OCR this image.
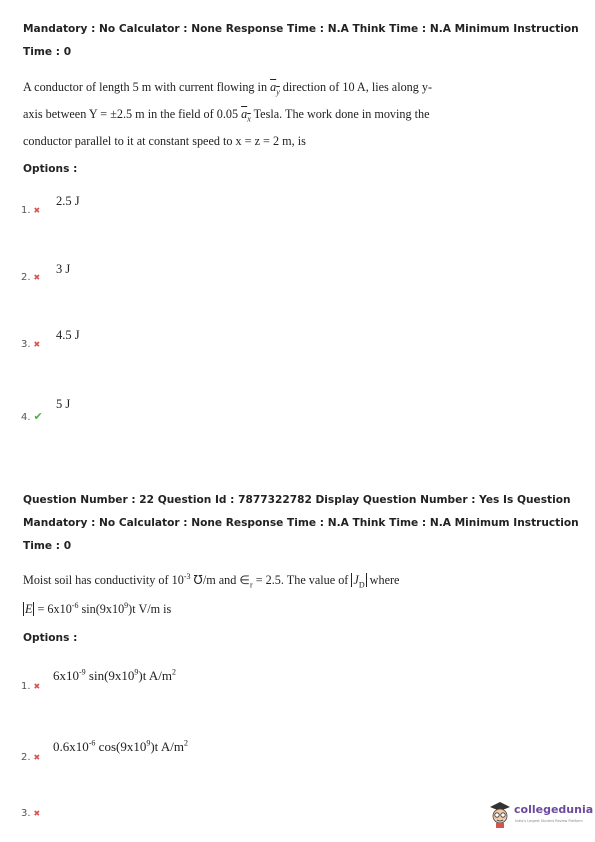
Mandatory : No Calculator : None Response Time : N.A Think Time : N.A Minimum Instruction
Time : 0
A conductor of length 5 m with current flowing in $a_y$ direction of 10 A, lies along y-
axis between Y = ±2.5 m in the field of 0.05 $a_x$ Tesla. The work done in moving the
conductor parallel to it at constant speed to x = z = 2 m, is
Options :
2.5 J
1. ✖
3 J
2. ✖
4.5 J
3. ✖
5 J
4. ✔
Question Number : 22 Question Id : 7877322782 Display Question Number : Yes Is Question
Mandatory : No Calculator : None Response Time : N.A Think Time : N.A Minimum Instruction
Time : 0
Moist soil has conductivity of $10^{-3}$ ℧/m and $\in_r = 2.5$. The value of $J_D$ where
$E = 6x10^{-6}$ $\sin(9x10^9)t$ V/m is
Options :
$6x10^{-9}$ $\sin(9x10^9)t$ $A/m^2$
1. ✖
$0.6x10^{-6}$ $\cos(9x10^9)t$ $A/m^2$
2. ✖
3. ✖	collegedunia
India's Largest Student Review Platform
